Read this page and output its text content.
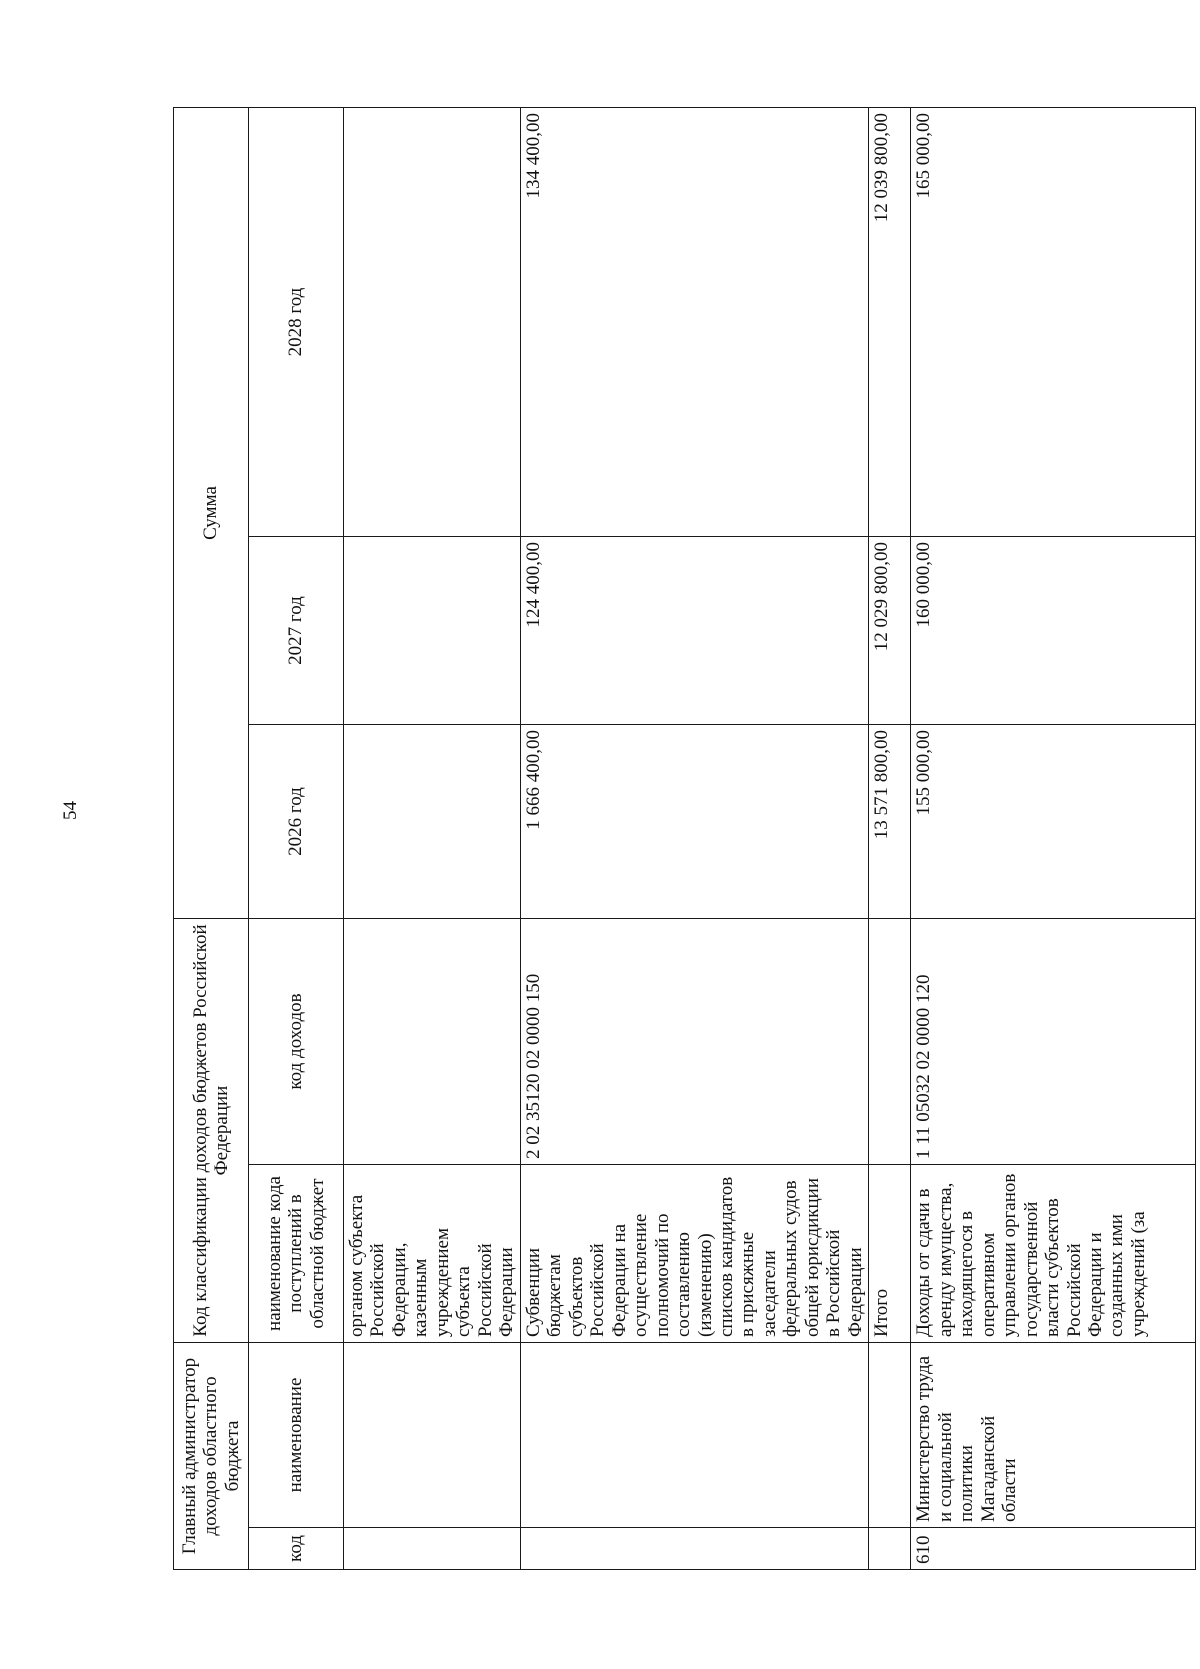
54
Главный администратор доходов областного бюджета		Код классификации доходов бюджетов Российской Федерации		Сумма		
код	наименование	наименование кода поступлений в областной бюджет	код доходов	2026 год	2027 год	2028 год
		органом субъекта Российской Федерации, казенным учреждением субъекта Российской Федерации				
		Субвенции бюджетам субъектов Российской Федерации на осуществление полномочий по составлению (изменению) списков кандидатов в присяжные заседатели федеральных судов общей юрисдикции в Российской Федерации	2 02 35120 02 0000 150	1 666 400,00	124 400,00	134 400,00
		Итого		13 571 800,00	12 029 800,00	12 039 800,00
610	Министерство труда и социальной политики Магаданской области	Доходы от сдачи в аренду имущества, находящегося в оперативном управлении органов государственной власти субъектов Российской Федерации и созданных ими учреждений (за	1 11 05032 02 0000 120	155 000,00	160 000,00	165 000,00
